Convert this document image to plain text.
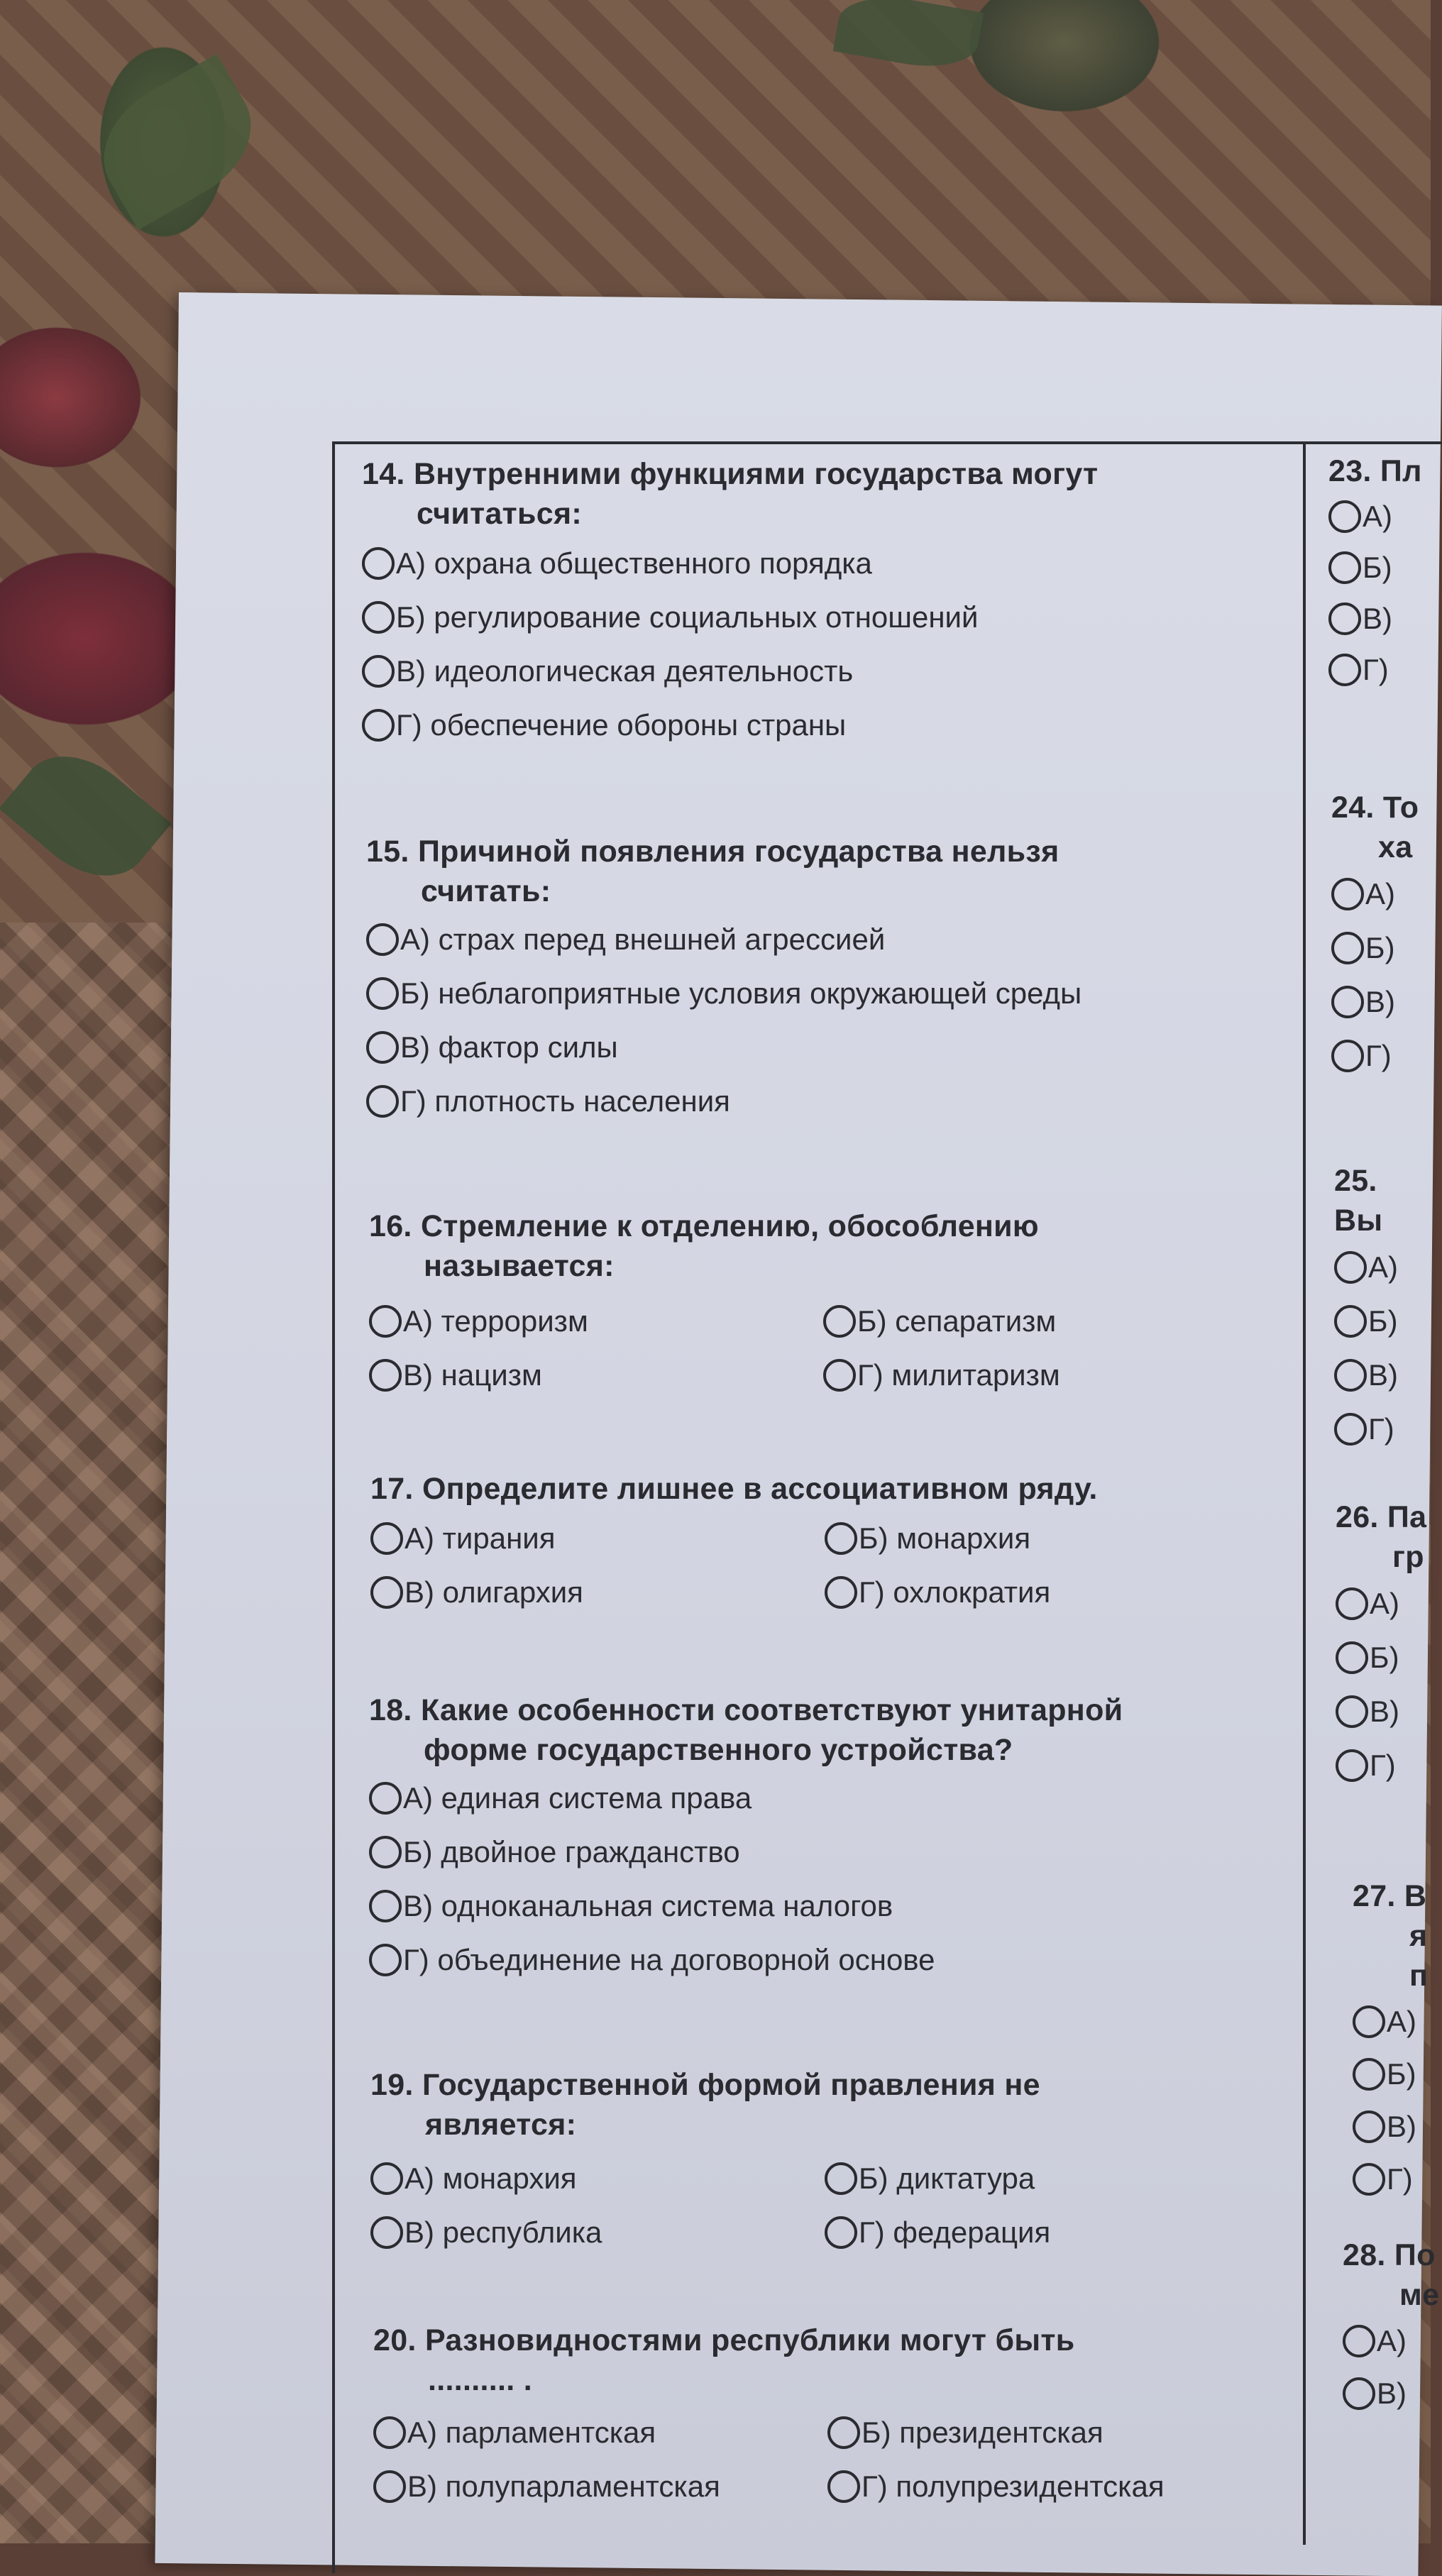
14. Внутренними функциями государства могут
считаться:

А) охрана общественного порядка
Б) регулирование социальных отношений
В) идеологическая деятельность
Г) обеспечение обороны страны

15. Причиной появления государства нельзя
считать:

А) страх перед внешней агрессией
Б) неблагоприятные условия окружающей среды
В) фактор силы
Г) плотность населения

16. Стремление к отделению, обособлению
называется:

А) терроризм	Б) сепаратизм
В) нацизм	Г) милитаризм

17. Определите лишнее в ассоциативном ряду.

А) тирания	Б) монархия
В) олигархия	Г) охлократия

18. Какие особенности соответствуют унитарной
форме государственного устройства?

А) единая система права
Б) двойное гражданство
В) одноканальная система налогов
Г) объединение на договорной основе

19. Государственной формой правления не
является:

А) монархия	Б) диктатура
В) республика	Г) федерация

20. Разновидностями республики могут быть
.......... .

А) парламентская	Б) президентская
В) полупарламентская	Г) полупрезидентская

23. Пл

А)
Б)
В)
Г)

24. То

ха

А)
Б)
В)
Г)

25. Вы

А)
Б)
В)
Г)

26. Па

гр

А)
Б)
В)
Г)

27. В

я

п

А)
Б)
В)
Г)

28. По

ме

А)
В)
